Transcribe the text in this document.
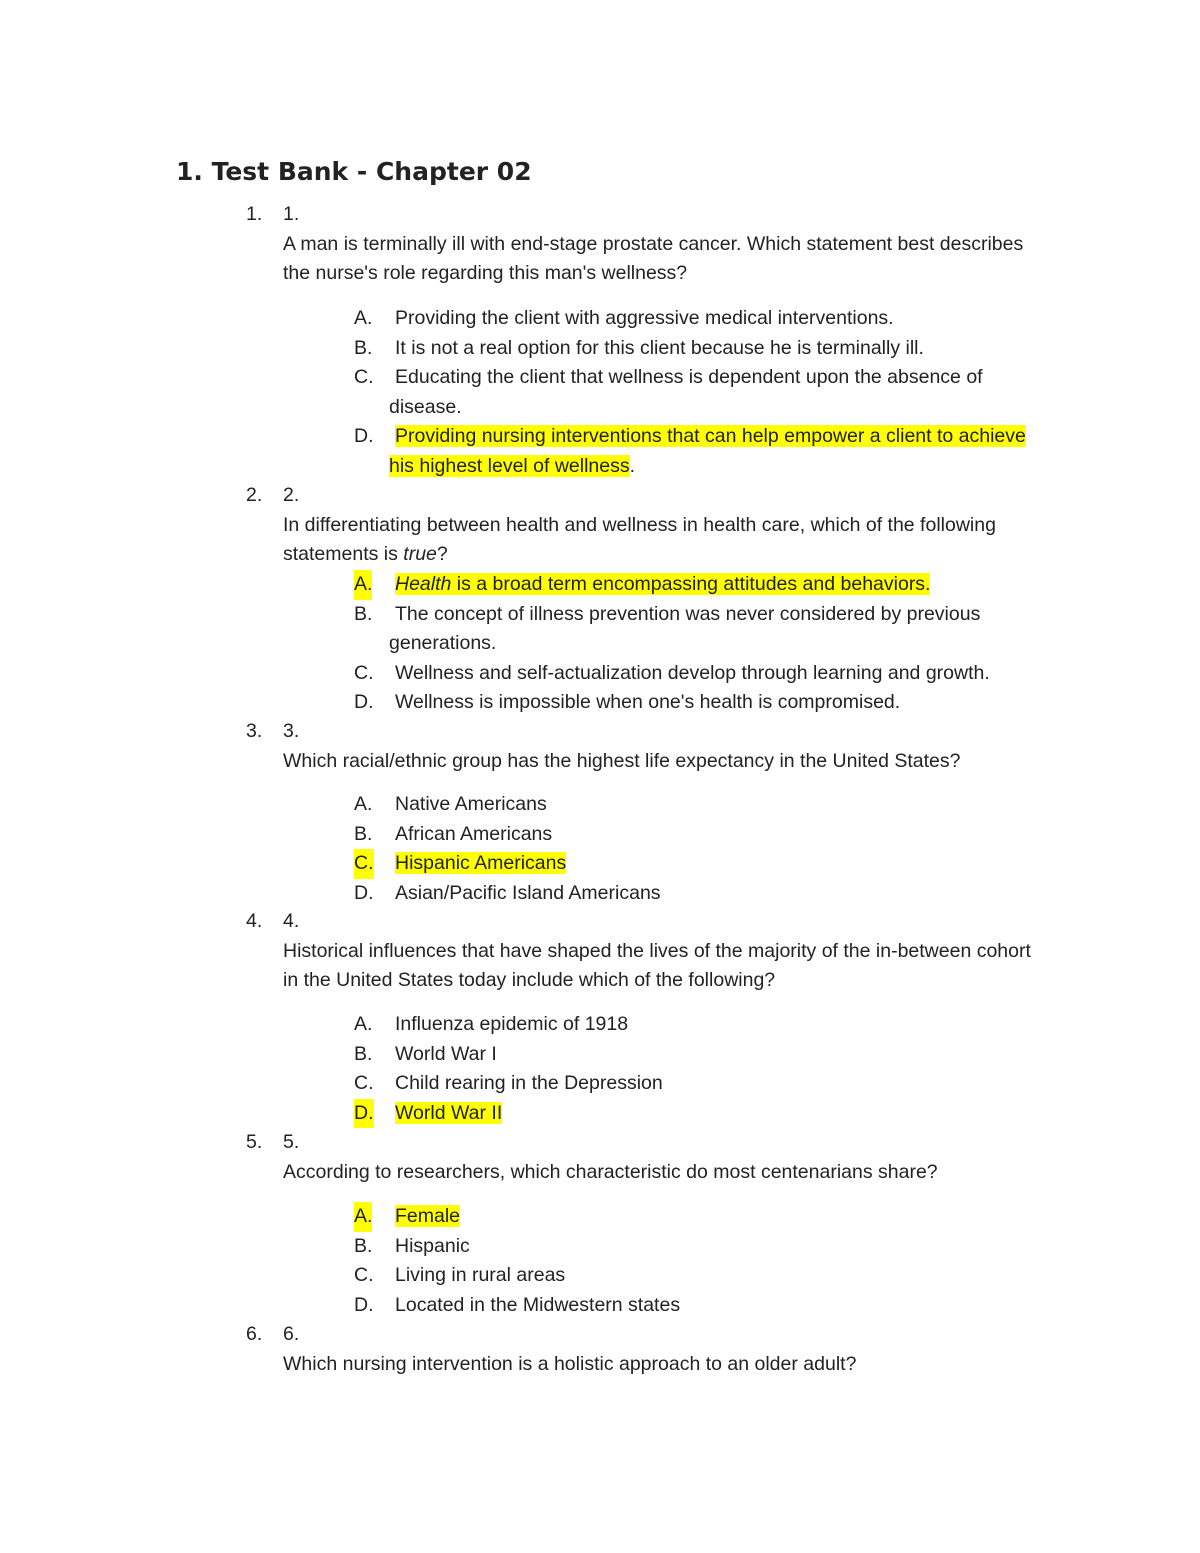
1. Test Bank - Chapter 02
1. 1.
A man is terminally ill with end-stage prostate cancer. Which statement best describes the nurse's role regarding this man's wellness?
A.	Providing the client with aggressive medical interventions.
B.	It is not a real option for this client because he is terminally ill.
C.	Educating the client that wellness is dependent upon the absence of disease.
D.	Providing nursing interventions that can help empower a client to achieve his highest level of wellness.
2. 2.
In differentiating between health and wellness in health care, which of the following statements is true?
A.	Health is a broad term encompassing attitudes and behaviors.
B.	The concept of illness prevention was never considered by previous generations.
C.	Wellness and self-actualization develop through learning and growth.
D.	Wellness is impossible when one's health is compromised.
3. 3.
Which racial/ethnic group has the highest life expectancy in the United States?
A.	Native Americans
B.	African Americans
C.	Hispanic Americans
D.	Asian/Pacific Island Americans
4. 4.
Historical influences that have shaped the lives of the majority of the in-between cohort in the United States today include which of the following?
A.	Influenza epidemic of 1918
B.	World War I
C.	Child rearing in the Depression
D.	World War II
5. 5.
According to researchers, which characteristic do most centenarians share?
A.	Female
B.	Hispanic
C.	Living in rural areas
D.	Located in the Midwestern states
6. 6.
Which nursing intervention is a holistic approach to an older adult?
